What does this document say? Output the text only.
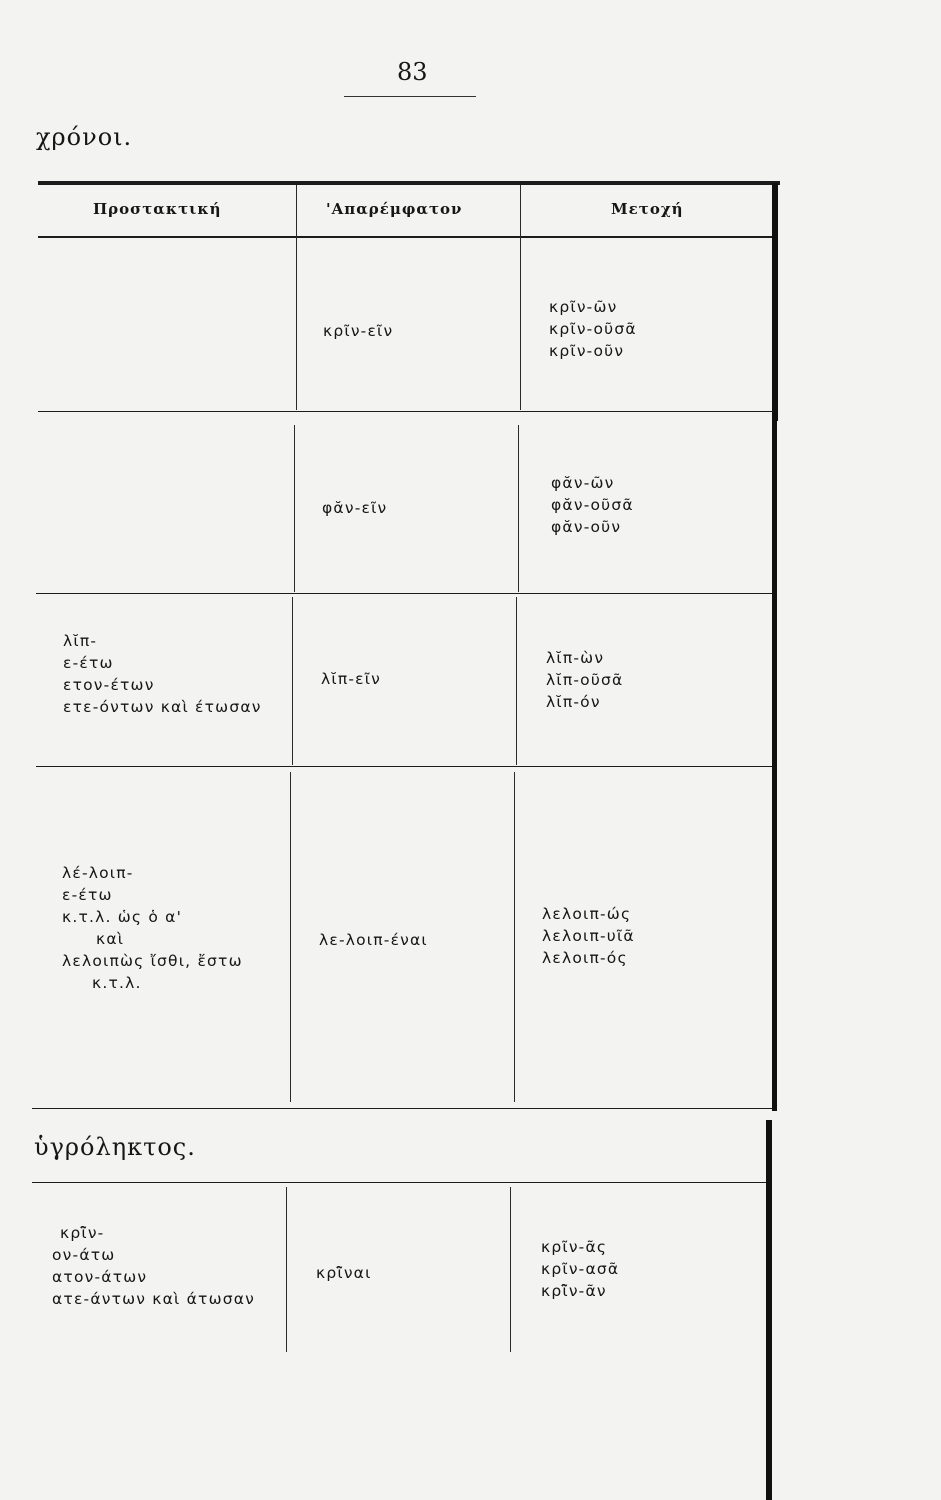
83
χρόνοι.
Προστακτική	'Απαρέμφατον	Μετοχή
κρῖν-εῖν
κρῖν-ῶν
κρῖν-οῦσᾶ
κρῖν-οῦν
φᾰν-εῖν
φᾰν-ῶν
φᾰν-οῦσᾶ
φᾰν-οῦν
λῐπ-
ε-έτω
ετον-έτων
ετε-όντων καὶ έτωσαν
λῐπ-εῖν
λῐπ-ὼν
λῐπ-οῦσᾶ
λῐπ-όν
λέ-λοιπ-
ε-έτω
κ.τ.λ. ὡς ὁ α'
καὶ
λελοιπὼς ἴσθι, ἔστω
κ.τ.λ.
λε-λοιπ-έναι
λελοιπ-ώς
λελοιπ-υῖᾶ
λελοιπ-ός
ὑγρόληκτος.
κρῖ̑ν-
ον-άτω
ατον-άτων
ατε-άντων καὶ άτωσαν
κρῖ̑ναι
κρῖν-ᾶς
κρῖν-ασᾶ
κρῖ̑ν-ᾶν
